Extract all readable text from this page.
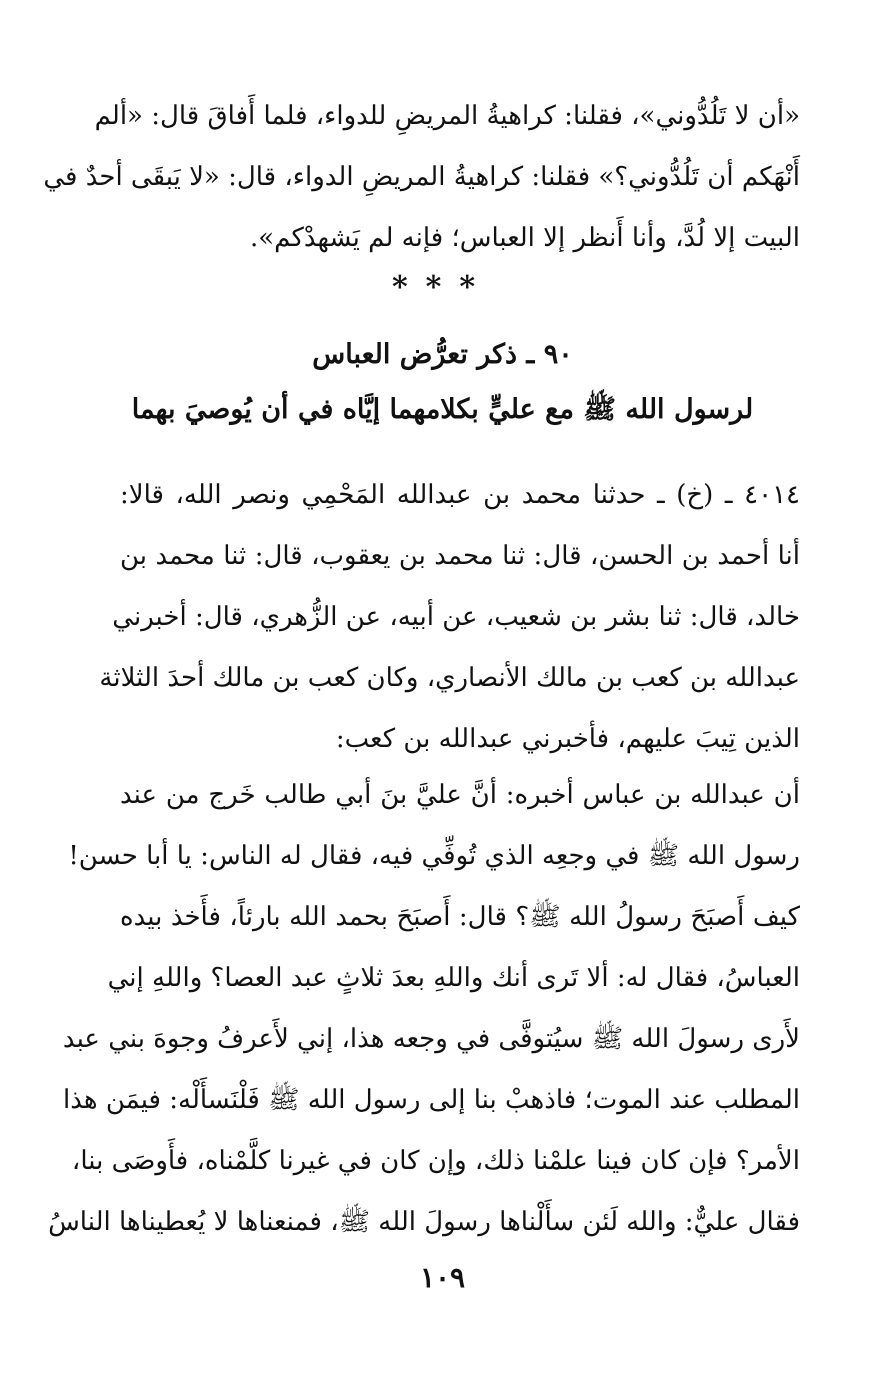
«أن لا تَلُدُّوني»، فقلنا: كراهيةُ المريضِ للدواء، فلما أَفاقَ قال: «ألم
أَنْهَكم أن تَلُدُّوني؟» فقلنا: كراهيةُ المريضِ الدواء، قال: «لا يَبقَى أحدٌ في
البيت إلا لُدَّ، وأنا أَنظر إلا العباس؛ فإنه لم يَشهدْكم».
***
٩٠ ـ ذكر تعرُّض العباس
لرسول الله ﷺ مع عليٍّ بكلامهما إيَّاه في أن يُوصيَ بهما
٤٠١٤ ـ (خ) ـ حدثنا محمد بن عبدالله المَحْمِي ونصر الله، قالا:
أنا أحمد بن الحسن، قال: ثنا محمد بن يعقوب، قال: ثنا محمد بن
خالد، قال: ثنا بشر بن شعيب، عن أبيه، عن الزُّهري، قال: أخبرني
عبدالله بن كعب بن مالك الأنصاري، وكان كعب بن مالك أحدَ الثلاثة
الذين تِيبَ عليهم، فأخبرني عبدالله بن كعب:
أن عبدالله بن عباس أخبره: أنَّ عليَّ بنَ أبي طالب خَرج من عند
رسول الله ﷺ في وجعِه الذي تُوفِّي فيه، فقال له الناس: يا أبا حسن!
كيف أَصبَحَ رسولُ الله ﷺ؟ قال: أَصبَحَ بحمد الله بارئاً، فأَخذ بيده
العباسُ، فقال له: ألا تَرى أنك واللهِ بعدَ ثلاثٍ عبد العصا؟ واللهِ إني
لأَرى رسولَ الله ﷺ سيُتوفَّى في وجعه هذا، إني لأَعرفُ وجوهَ بني عبد
المطلب عند الموت؛ فاذهبْ بنا إلى رسول الله ﷺ فَلْنَسأَلْه: فيمَن هذا
الأمر؟ فإن كان فينا علمْنا ذلك، وإن كان في غيرنا كلَّمْناه، فأَوصَى بنا،
فقال عليٌّ: والله لَئن سأَلْناها رسولَ الله ﷺ، فمنعناها لا يُعطيناها الناسُ
١٠٩
